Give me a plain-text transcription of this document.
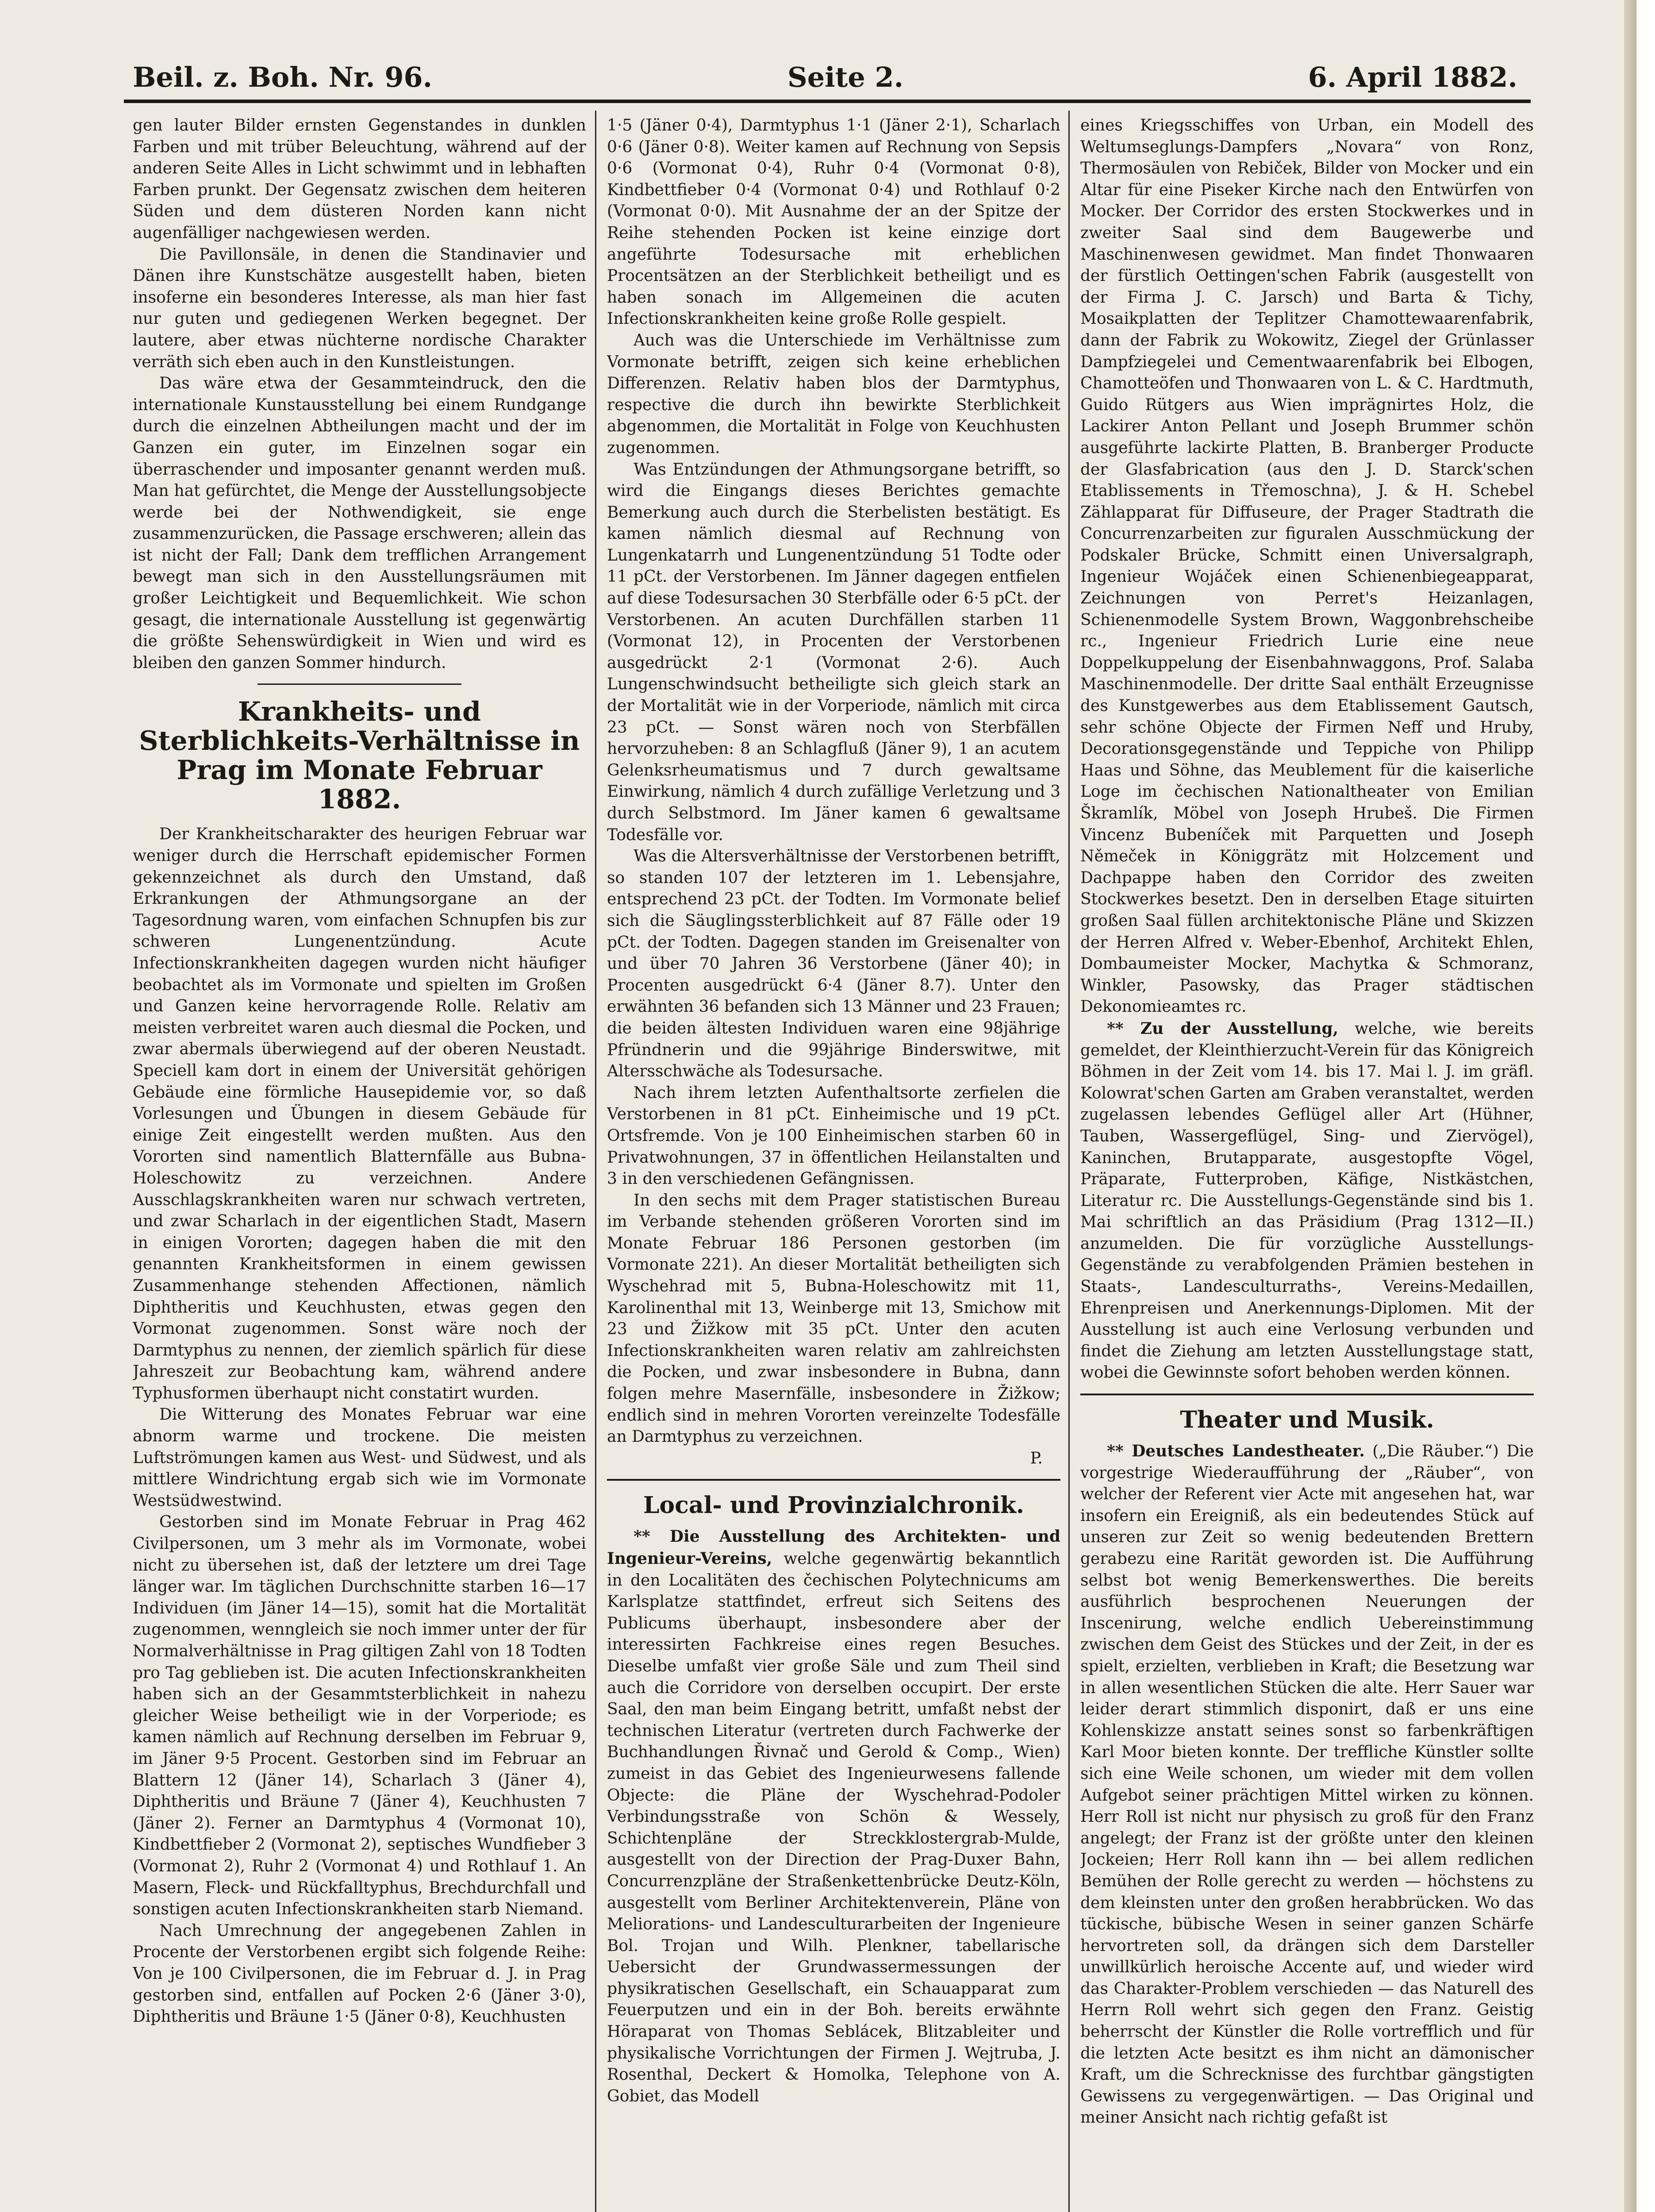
Beil. z. Boh. Nr. 96.	Seite 2.	6. April 1882.

gen lauter Bilder ernsten Gegenstandes in dunklen Farben und mit trüber Beleuchtung, während auf der anderen Seite Alles in Licht schwimmt und in lebhaften Farben prunkt. Der Gegensatz zwischen dem heiteren Süden und dem düsteren Norden kann nicht augenfälliger nachgewiesen werden.

Die Pavillonsäle, in denen die Standinavier und Dänen ihre Kunstschätze ausgestellt haben, bieten insoferne ein besonderes Interesse, als man hier fast nur guten und gediegenen Werken begegnet. Der lautere, aber etwas nüchterne nordische Charakter verräth sich eben auch in den Kunstleistungen.

Das wäre etwa der Gesammteindruck, den die internationale Kunstausstellung bei einem Rundgange durch die einzelnen Abtheilungen macht und der im Ganzen ein guter, im Einzelnen sogar ein überraschender und imposanter genannt werden muß. Man hat gefürchtet, die Menge der Ausstellungsobjecte werde bei der Nothwendigkeit, sie enge zusammenzurücken, die Passage erschweren; allein das ist nicht der Fall; Dank dem trefflichen Arrangement bewegt man sich in den Ausstellungsräumen mit großer Leichtigkeit und Bequemlichkeit. Wie schon gesagt, die internationale Ausstellung ist gegenwärtig die größte Sehenswürdigkeit in Wien und wird es bleiben den ganzen Sommer hindurch.

Krankheits- und Sterblichkeits-Verhältnisse in Prag im Monate Februar 1882.

Der Krankheitscharakter des heurigen Februar war weniger durch die Herrschaft epidemischer Formen gekennzeichnet als durch den Umstand, daß Erkrankungen der Athmungsorgane an der Tagesordnung waren, vom einfachen Schnupfen bis zur schweren Lungenentzündung. Acute Infectionskrankheiten dagegen wurden nicht häufiger beobachtet als im Vormonate und spielten im Großen und Ganzen keine hervorragende Rolle. Relativ am meisten verbreitet waren auch diesmal die Pocken, und zwar abermals überwiegend auf der oberen Neustadt. Speciell kam dort in einem der Universität gehörigen Gebäude eine förmliche Hausepidemie vor, so daß Vorlesungen und Übungen in diesem Gebäude für einige Zeit eingestellt werden mußten. Aus den Vororten sind namentlich Blatternfälle aus Bubna-Holeschowitz zu verzeichnen. Andere Ausschlagskrankheiten waren nur schwach vertreten, und zwar Scharlach in der eigentlichen Stadt, Masern in einigen Vororten; dagegen haben die mit den genannten Krankheitsformen in einem gewissen Zusammenhange stehenden Affectionen, nämlich Diphtheritis und Keuchhusten, etwas gegen den Vormonat zugenommen. Sonst wäre noch der Darmtyphus zu nennen, der ziemlich spärlich für diese Jahreszeit zur Beobachtung kam, während andere Typhusformen überhaupt nicht constatirt wurden.

Die Witterung des Monates Februar war eine abnorm warme und trockene. Die meisten Luftströmungen kamen aus West- und Südwest, und als mittlere Windrichtung ergab sich wie im Vormonate Westsüdwestwind.

Gestorben sind im Monate Februar in Prag 462 Civilpersonen, um 3 mehr als im Vormonate, wobei nicht zu übersehen ist, daß der letztere um drei Tage länger war. Im täglichen Durchschnitte starben 16—17 Individuen (im Jäner 14—15), somit hat die Mortalität zugenommen, wenngleich sie noch immer unter der für Normalverhältnisse in Prag giltigen Zahl von 18 Todten pro Tag geblieben ist. Die acuten Infectionskrankheiten haben sich an der Gesammtsterblichkeit in nahezu gleicher Weise betheiligt wie in der Vorperiode; es kamen nämlich auf Rechnung derselben im Februar 9, im Jäner 9·5 Procent. Gestorben sind im Februar an Blattern 12 (Jäner 14), Scharlach 3 (Jäner 4), Diphtheritis und Bräune 7 (Jäner 4), Keuchhusten 7 (Jäner 2). Ferner an Darmtyphus 4 (Vormonat 10), Kindbettfieber 2 (Vormonat 2), septisches Wundfieber 3 (Vormonat 2), Ruhr 2 (Vormonat 4) und Rothlauf 1. An Masern, Fleck- und Rückfalltyphus, Brechdurchfall und sonstigen acuten Infectionskrankheiten starb Niemand.

Nach Umrechnung der angegebenen Zahlen in Procente der Verstorbenen ergibt sich folgende Reihe: Von je 100 Civilpersonen, die im Februar d. J. in Prag gestorben sind, entfallen auf Pocken 2·6 (Jäner 3·0), Diphtheritis und Bräune 1·5 (Jäner 0·8), Keuchhusten

1·5 (Jäner 0·4), Darmtyphus 1·1 (Jäner 2·1), Scharlach 0·6 (Jäner 0·8). Weiter kamen auf Rechnung von Sepsis 0·6 (Vormonat 0·4), Ruhr 0·4 (Vormonat 0·8), Kindbettfieber 0·4 (Vormonat 0·4) und Rothlauf 0·2 (Vormonat 0·0). Mit Ausnahme der an der Spitze der Reihe stehenden Pocken ist keine einzige dort angeführte Todesursache mit erheblichen Procentsätzen an der Sterblichkeit betheiligt und es haben sonach im Allgemeinen die acuten Infectionskrankheiten keine große Rolle gespielt.

Auch was die Unterschiede im Verhältnisse zum Vormonate betrifft, zeigen sich keine erheblichen Differenzen. Relativ haben blos der Darmtyphus, respective die durch ihn bewirkte Sterblichkeit abgenommen, die Mortalität in Folge von Keuchhusten zugenommen.

Was Entzündungen der Athmungsorgane betrifft, so wird die Eingangs dieses Berichtes gemachte Bemerkung auch durch die Sterbelisten bestätigt. Es kamen nämlich diesmal auf Rechnung von Lungenkatarrh und Lungenentzündung 51 Todte oder 11 pCt. der Verstorbenen. Im Jänner dagegen entfielen auf diese Todesursachen 30 Sterbfälle oder 6·5 pCt. der Verstorbenen. An acuten Durchfällen starben 11 (Vormonat 12), in Procenten der Verstorbenen ausgedrückt 2·1 (Vormonat 2·6). Auch Lungenschwindsucht betheiligte sich gleich stark an der Mortalität wie in der Vorperiode, nämlich mit circa 23 pCt. — Sonst wären noch von Sterbfällen hervorzuheben: 8 an Schlagfluß (Jäner 9), 1 an acutem Gelenksrheumatismus und 7 durch gewaltsame Einwirkung, nämlich 4 durch zufällige Verletzung und 3 durch Selbstmord. Im Jäner kamen 6 gewaltsame Todesfälle vor.

Was die Altersverhältnisse der Verstorbenen betrifft, so standen 107 der letzteren im 1. Lebensjahre, entsprechend 23 pCt. der Todten. Im Vormonate belief sich die Säuglingssterblichkeit auf 87 Fälle oder 19 pCt. der Todten. Dagegen standen im Greisenalter von und über 70 Jahren 36 Verstorbene (Jäner 40); in Procenten ausgedrückt 6·4 (Jäner 8.7). Unter den erwähnten 36 befanden sich 13 Männer und 23 Frauen; die beiden ältesten Individuen waren eine 98jährige Pfründnerin und die 99jährige Binderswitwe, mit Altersschwäche als Todesursache.

Nach ihrem letzten Aufenthaltsorte zerfielen die Verstorbenen in 81 pCt. Einheimische und 19 pCt. Ortsfremde. Von je 100 Einheimischen starben 60 in Privatwohnungen, 37 in öffentlichen Heilanstalten und 3 in den verschiedenen Gefängnissen.

In den sechs mit dem Prager statistischen Bureau im Verbande stehenden größeren Vororten sind im Monate Februar 186 Personen gestorben (im Vormonate 221). An dieser Mortalität betheiligten sich Wyschehrad mit 5, Bubna-Holeschowitz mit 11, Karolinenthal mit 13, Weinberge mit 13, Smichow mit 23 und Žižkow mit 35 pCt. Unter den acuten Infectionskrankheiten waren relativ am zahlreichsten die Pocken, und zwar insbesondere in Bubna, dann folgen mehre Masernfälle, insbesondere in Žižkow; endlich sind in mehren Vororten vereinzelte Todesfälle an Darmtyphus zu verzeichnen.

P.

Local- und Provinzialchronik.

** Die Ausstellung des Architekten- und Ingenieur-Vereins, welche gegenwärtig bekanntlich in den Localitäten des čechischen Polytechnicums am Karlsplatze stattfindet, erfreut sich Seitens des Publicums überhaupt, insbesondere aber der interessirten Fachkreise eines regen Besuches. Dieselbe umfaßt vier große Säle und zum Theil sind auch die Corridore von derselben occupirt. Der erste Saal, den man beim Eingang betritt, umfaßt nebst der technischen Literatur (vertreten durch Fachwerke der Buchhandlungen Řivnač und Gerold & Comp., Wien) zumeist in das Gebiet des Ingenieurwesens fallende Objecte: die Pläne der Wyschehrad-Podoler Verbindungsstraße von Schön & Wessely, Schichtenpläne der Streckklostergrab-Mulde, ausgestellt von der Direction der Prag-Duxer Bahn, Concurrenzpläne der Straßenkettenbrücke Deutz-Köln, ausgestellt vom Berliner Architektenverein, Pläne von Meliorations- und Landesculturarbeiten der Ingenieure Bol. Trojan und Wilh. Plenkner, tabellarische Uebersicht der Grundwassermessungen der physikratischen Gesellschaft, ein Schauapparat zum Feuerputzen und ein in der Boh. bereits erwähnte Höraparat von Thomas Seblácek, Blitzableiter und physikalische Vorrichtungen der Firmen J. Wejtruba, J. Rosenthal, Deckert & Homolka, Telephone von A. Gobiet, das Modell

eines Kriegsschiffes von Urban, ein Modell des Weltumseglungs-Dampfers „Novara“ von Ronz, Thermosäulen von Rebiček, Bilder von Mocker und ein Altar für eine Piseker Kirche nach den Entwürfen von Mocker. Der Corridor des ersten Stockwerkes und in zweiter Saal sind dem Baugewerbe und Maschinenwesen gewidmet. Man findet Thonwaaren der fürstlich Oettingen'schen Fabrik (ausgestellt von der Firma J. C. Jarsch) und Barta & Tichy, Mosaikplatten der Teplitzer Chamottewaarenfabrik, dann der Fabrik zu Wokowitz, Ziegel der Grünlasser Dampfziegelei und Cementwaarenfabrik bei Elbogen, Chamotteöfen und Thonwaaren von L. & C. Hardtmuth, Guido Rütgers aus Wien imprägnirtes Holz, die Lackirer Anton Pellant und Joseph Brummer schön ausgeführte lackirte Platten, B. Branberger Producte der Glasfabrication (aus den J. D. Starck'schen Etablissements in Třemoschna), J. & H. Schebel Zählapparat für Diffuseure, der Prager Stadtrath die Concurrenzarbeiten zur figuralen Ausschmückung der Podskaler Brücke, Schmitt einen Universalgraph, Ingenieur Wojáček einen Schienenbiegeapparat, Zeichnungen von Perret's Heizanlagen, Schienenmodelle System Brown, Waggonbrehscheibe rc., Ingenieur Friedrich Lurie eine neue Doppelkuppelung der Eisenbahnwaggons, Prof. Salaba Maschinenmodelle. Der dritte Saal enthält Erzeugnisse des Kunstgewerbes aus dem Etablissement Gautsch, sehr schöne Objecte der Firmen Neff und Hruby, Decorationsgegenstände und Teppiche von Philipp Haas und Söhne, das Meublement für die kaiserliche Loge im čechischen Nationaltheater von Emilian Škramlík, Möbel von Joseph Hrubeš. Die Firmen Vincenz Bubeníček mit Parquetten und Joseph Němeček in Königgrätz mit Holzcement und Dachpappe haben den Corridor des zweiten Stockwerkes besetzt. Den in derselben Etage situirten großen Saal füllen architektonische Pläne und Skizzen der Herren Alfred v. Weber-Ebenhof, Architekt Ehlen, Dombaumeister Mocker, Machytka & Schmoranz, Winkler, Pasowsky, das Prager städtischen Dekonomieamtes rc.

** Zu der Ausstellung, welche, wie bereits gemeldet, der Kleinthierzucht-Verein für das Königreich Böhmen in der Zeit vom 14. bis 17. Mai l. J. im gräfl. Kolowrat'schen Garten am Graben veranstaltet, werden zugelassen lebendes Geflügel aller Art (Hühner, Tauben, Wassergeflügel, Sing- und Ziervögel), Kaninchen, Brutapparate, ausgestopfte Vögel, Präparate, Futterproben, Käfige, Nistkästchen, Literatur rc. Die Ausstellungs-Gegenstände sind bis 1. Mai schriftlich an das Präsidium (Prag 1312—II.) anzumelden. Die für vorzügliche Ausstellungs-Gegenstände zu verabfolgenden Prämien bestehen in Staats-, Landesculturraths-, Vereins-Medaillen, Ehrenpreisen und Anerkennungs-Diplomen. Mit der Ausstellung ist auch eine Verlosung verbunden und findet die Ziehung am letzten Ausstellungstage statt, wobei die Gewinnste sofort behoben werden können.

Theater und Musik.

** Deutsches Landestheater. („Die Räuber.“) Die vorgestrige Wiederaufführung der „Räuber“, von welcher der Referent vier Acte mit angesehen hat, war insofern ein Ereigniß, als ein bedeutendes Stück auf unseren zur Zeit so wenig bedeutenden Brettern gerabezu eine Rarität geworden ist. Die Aufführung selbst bot wenig Bemerkenswerthes. Die bereits ausführlich besprochenen Neuerungen der Inscenirung, welche endlich Uebereinstimmung zwischen dem Geist des Stückes und der Zeit, in der es spielt, erzielten, verblieben in Kraft; die Besetzung war in allen wesentlichen Stücken die alte. Herr Sauer war leider derart stimmlich disponirt, daß er uns eine Kohlenskizze anstatt seines sonst so farbenkräftigen Karl Moor bieten konnte. Der treffliche Künstler sollte sich eine Weile schonen, um wieder mit dem vollen Aufgebot seiner prächtigen Mittel wirken zu können. Herr Roll ist nicht nur physisch zu groß für den Franz angelegt; der Franz ist der größte unter den kleinen Jockeien; Herr Roll kann ihn — bei allem redlichen Bemühen der Rolle gerecht zu werden — höchstens zu dem kleinsten unter den großen herabbrücken. Wo das tückische, bübische Wesen in seiner ganzen Schärfe hervortreten soll, da drängen sich dem Darsteller unwillkürlich heroische Accente auf, und wieder wird das Charakter-Problem verschieden — das Naturell des Herrn Roll wehrt sich gegen den Franz. Geistig beherrscht der Künstler die Rolle vortrefflich und für die letzten Acte besitzt es ihm nicht an dämonischer Kraft, um die Schrecknisse des furchtbar gängstigten Gewissens zu vergegenwärtigen. — Das Original und meiner Ansicht nach richtig gefaßt ist
